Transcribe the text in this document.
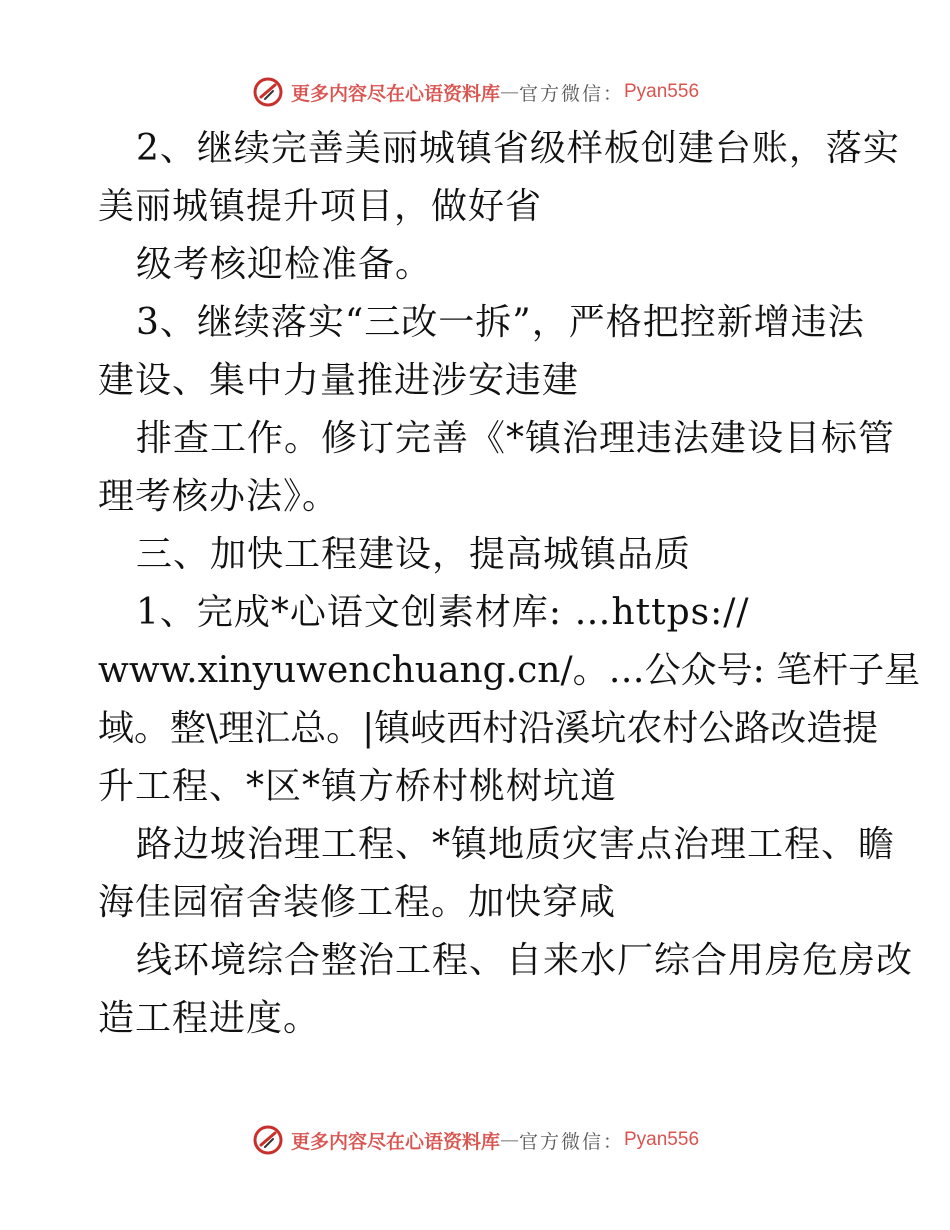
更多内容尽在心语资料库 — 官方微信： Pyan556
2、继续完善美丽城镇省级样板创建台账，落实
美丽城镇提升项目，做好省
级考核迎检准备。
3、继续落实“三改一拆”，严格把控新增违法
建设、集中力量推进涉安违建
排查工作。修订完善《*镇治理违法建设目标管
理考核办法》。
三、加快工程建设，提高城镇品质
1、完成*心语文创素材库: …https://
www.xinyuwenchuang.cn/。…公众号: 笔杆子星
域。整\理汇总。|镇岐西村沿溪坑农村公路改造提
升工程、*区*镇方桥村桃树坑道
路边坡治理工程、*镇地质灾害点治理工程、瞻
海佳园宿舍装修工程。加快穿咸
线环境综合整治工程、自来水厂综合用房危房改
造工程进度。
更多内容尽在心语资料库 — 官方微信： Pyan556
